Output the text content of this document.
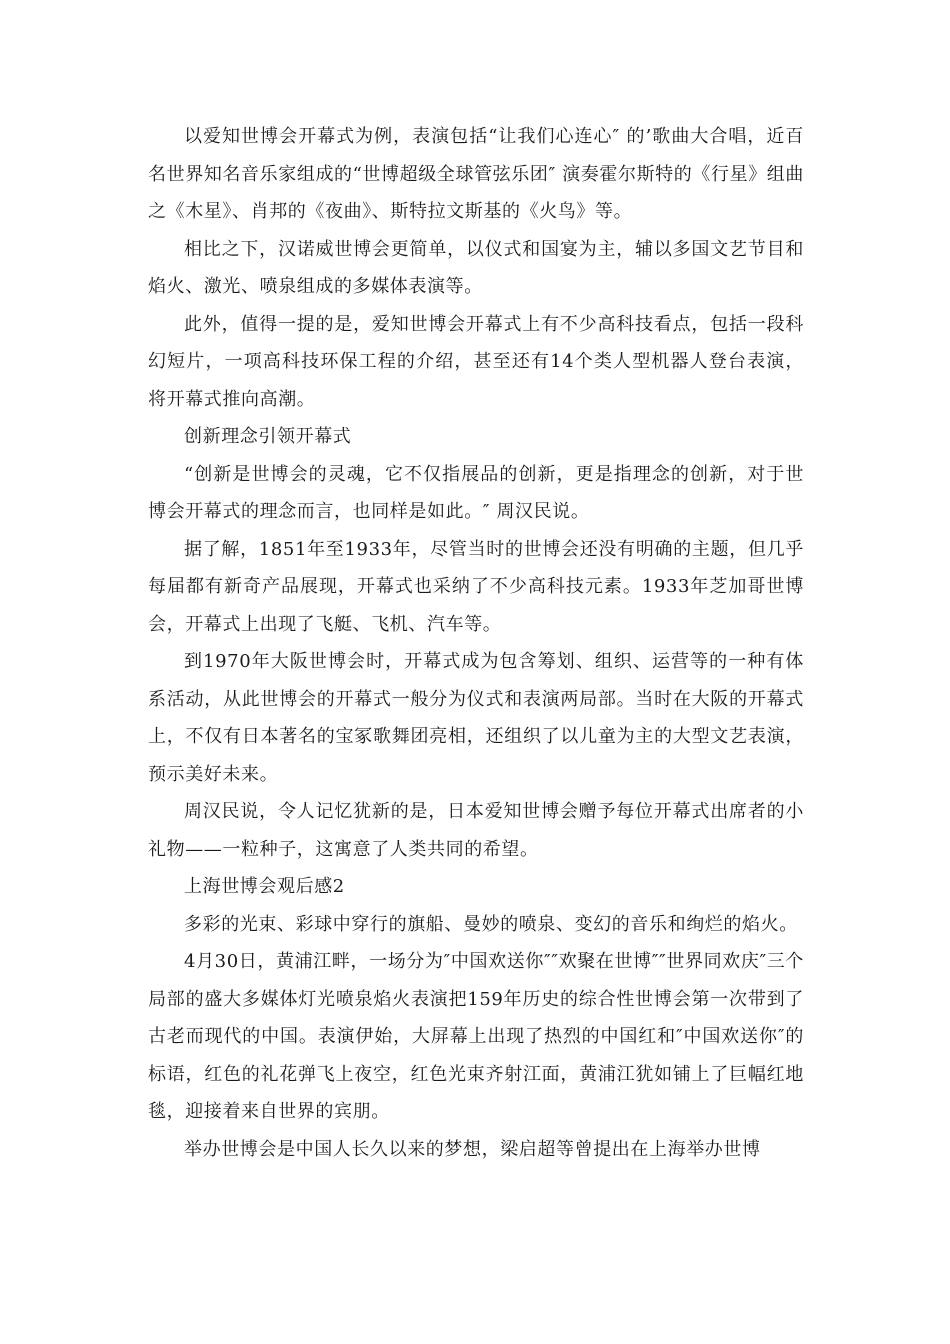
以爱知世博会开幕式为例，表演包括“让我们心连心″ 的’歌曲大合唱，近百名世界知名音乐家组成的“世博超级全球管弦乐团″ 演奏霍尔斯特的《行星》组曲之《木星》、肖邦的《夜曲》、斯特拉文斯基的《火鸟》等。

相比之下，汉诺威世博会更简单，以仪式和国宴为主，辅以多国文艺节目和焰火、激光、喷泉组成的多媒体表演等。

此外，值得一提的是，爱知世博会开幕式上有不少高科技看点，包括一段科幻短片，一项高科技环保工程的介绍，甚至还有14个类人型机器人登台表演，将开幕式推向高潮。

创新理念引领开幕式

“创新是世博会的灵魂，它不仅指展品的创新，更是指理念的创新，对于世博会开幕式的理念而言，也同样是如此。″ 周汉民说。

据了解，1851年至1933年，尽管当时的世博会还没有明确的主题，但几乎每届都有新奇产品展现，开幕式也采纳了不少高科技元素。1933年芝加哥世博会，开幕式上出现了飞艇、飞机、汽车等。

到1970年大阪世博会时，开幕式成为包含筹划、组织、运营等的一种有体系活动，从此世博会的开幕式一般分为仪式和表演两局部。当时在大阪的开幕式上，不仅有日本著名的宝冢歌舞团亮相，还组织了以儿童为主的大型文艺表演，预示美好未来。

周汉民说，令人记忆犹新的是，日本爱知世博会赠予每位开幕式出席者的小礼物——一粒种子，这寓意了人类共同的希望。

上海世博会观后感2

多彩的光束、彩球中穿行的旗船、曼妙的喷泉、变幻的音乐和绚烂的焰火。

4月30日，黄浦江畔，一场分为″中国欢送你″″欢聚在世博″″世界同欢庆″三个局部的盛大多媒体灯光喷泉焰火表演把159年历史的综合性世博会第一次带到了古老而现代的中国。表演伊始，大屏幕上出现了热烈的中国红和″中国欢送你″的标语，红色的礼花弹飞上夜空，红色光束齐射江面，黄浦江犹如铺上了巨幅红地毯，迎接着来自世界的宾朋。

举办世博会是中国人长久以来的梦想，梁启超等曾提出在上海举办世博
